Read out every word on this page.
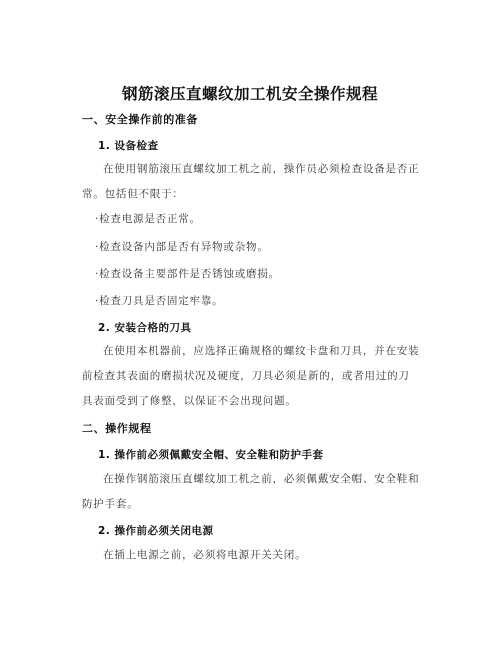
钢筋滚压直螺纹加工机安全操作规程
一、安全操作前的准备
1. 设备检查
在使用钢筋滚压直螺纹加工机之前，操作员必须检查设备是否正常。包括但不限于：
·检查电源是否正常。
·检查设备内部是否有异物或杂物。
·检查设备主要部件是否锈蚀或磨损。
·检查刀具是否固定牢靠。
2. 安装合格的刀具
在使用本机器前，应选择正确规格的螺纹卡盘和刀具，并在安装前检查其表面的磨损状况及硬度，刀具必须是新的，或者用过的刀具表面受到了修整，以保证不会出现问题。
二、操作规程
1. 操作前必须佩戴安全帽、安全鞋和防护手套
在操作钢筋滚压直螺纹加工机之前，必须佩戴安全帽、安全鞋和防护手套。
2. 操作前必须关闭电源
在插上电源之前，必须将电源开关关闭。
